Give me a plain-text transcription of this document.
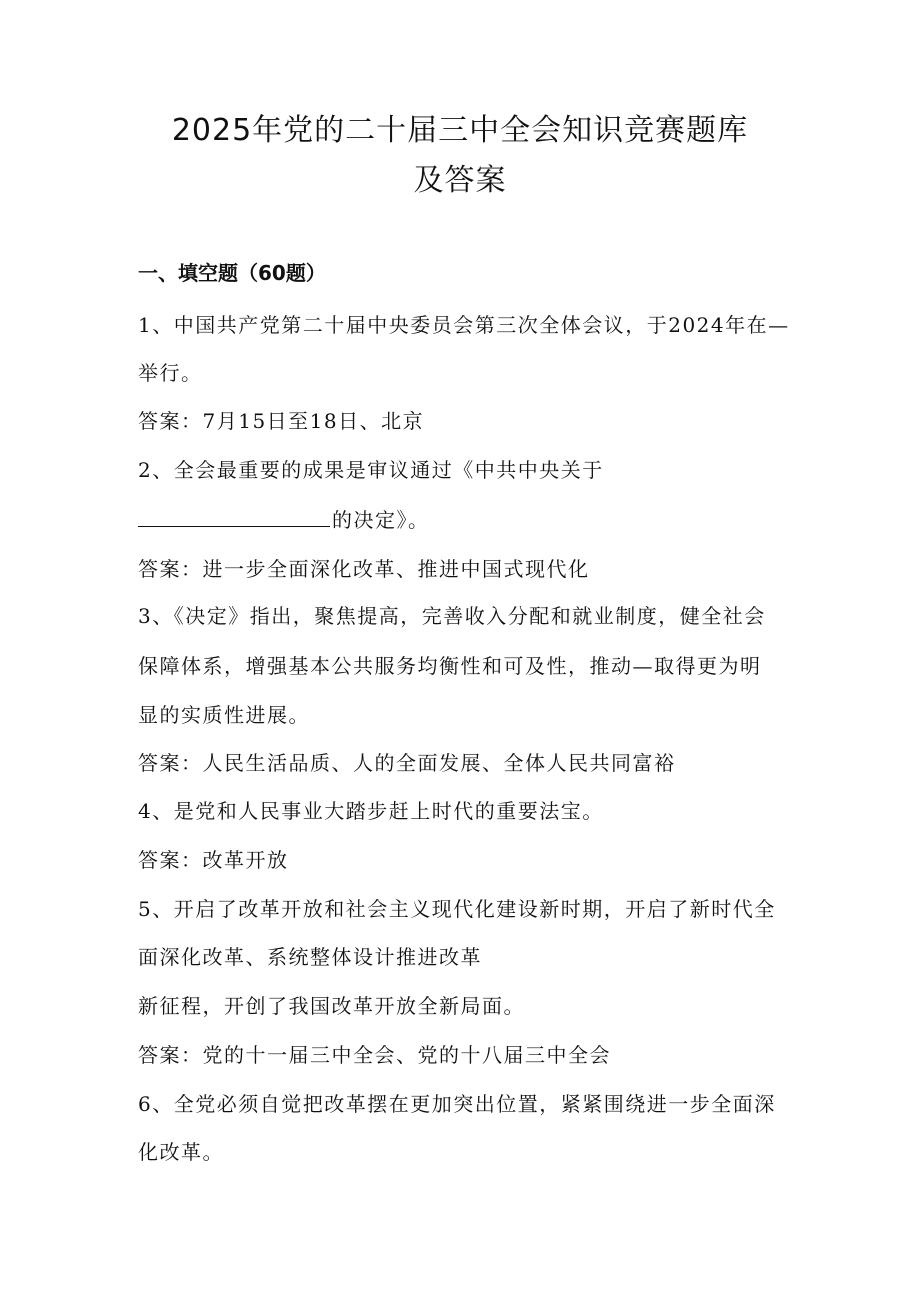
2025年党的二十届三中全会知识竞赛题库
及答案
一、填空题（60题）
1、中国共产党第二十届中央委员会第三次全体会议，于2024年在—
举行。
答案：7月15日至18日、北京
2、全会最重要的成果是审议通过《中共中央关于
的决定》。
答案：进一步全面深化改革、推进中国式现代化
3、《决定》指出，聚焦提高，完善收入分配和就业制度，健全社会
保障体系，增强基本公共服务均衡性和可及性，推动—取得更为明
显的实质性进展。
答案：人民生活品质、人的全面发展、全体人民共同富裕
4、是党和人民事业大踏步赶上时代的重要法宝。
答案：改革开放
5、开启了改革开放和社会主义现代化建设新时期，开启了新时代全
面深化改革、系统整体设计推进改革
新征程，开创了我国改革开放全新局面。
答案：党的十一届三中全会、党的十八届三中全会
6、全党必须自觉把改革摆在更加突出位置，紧紧围绕进一步全面深
化改革。
